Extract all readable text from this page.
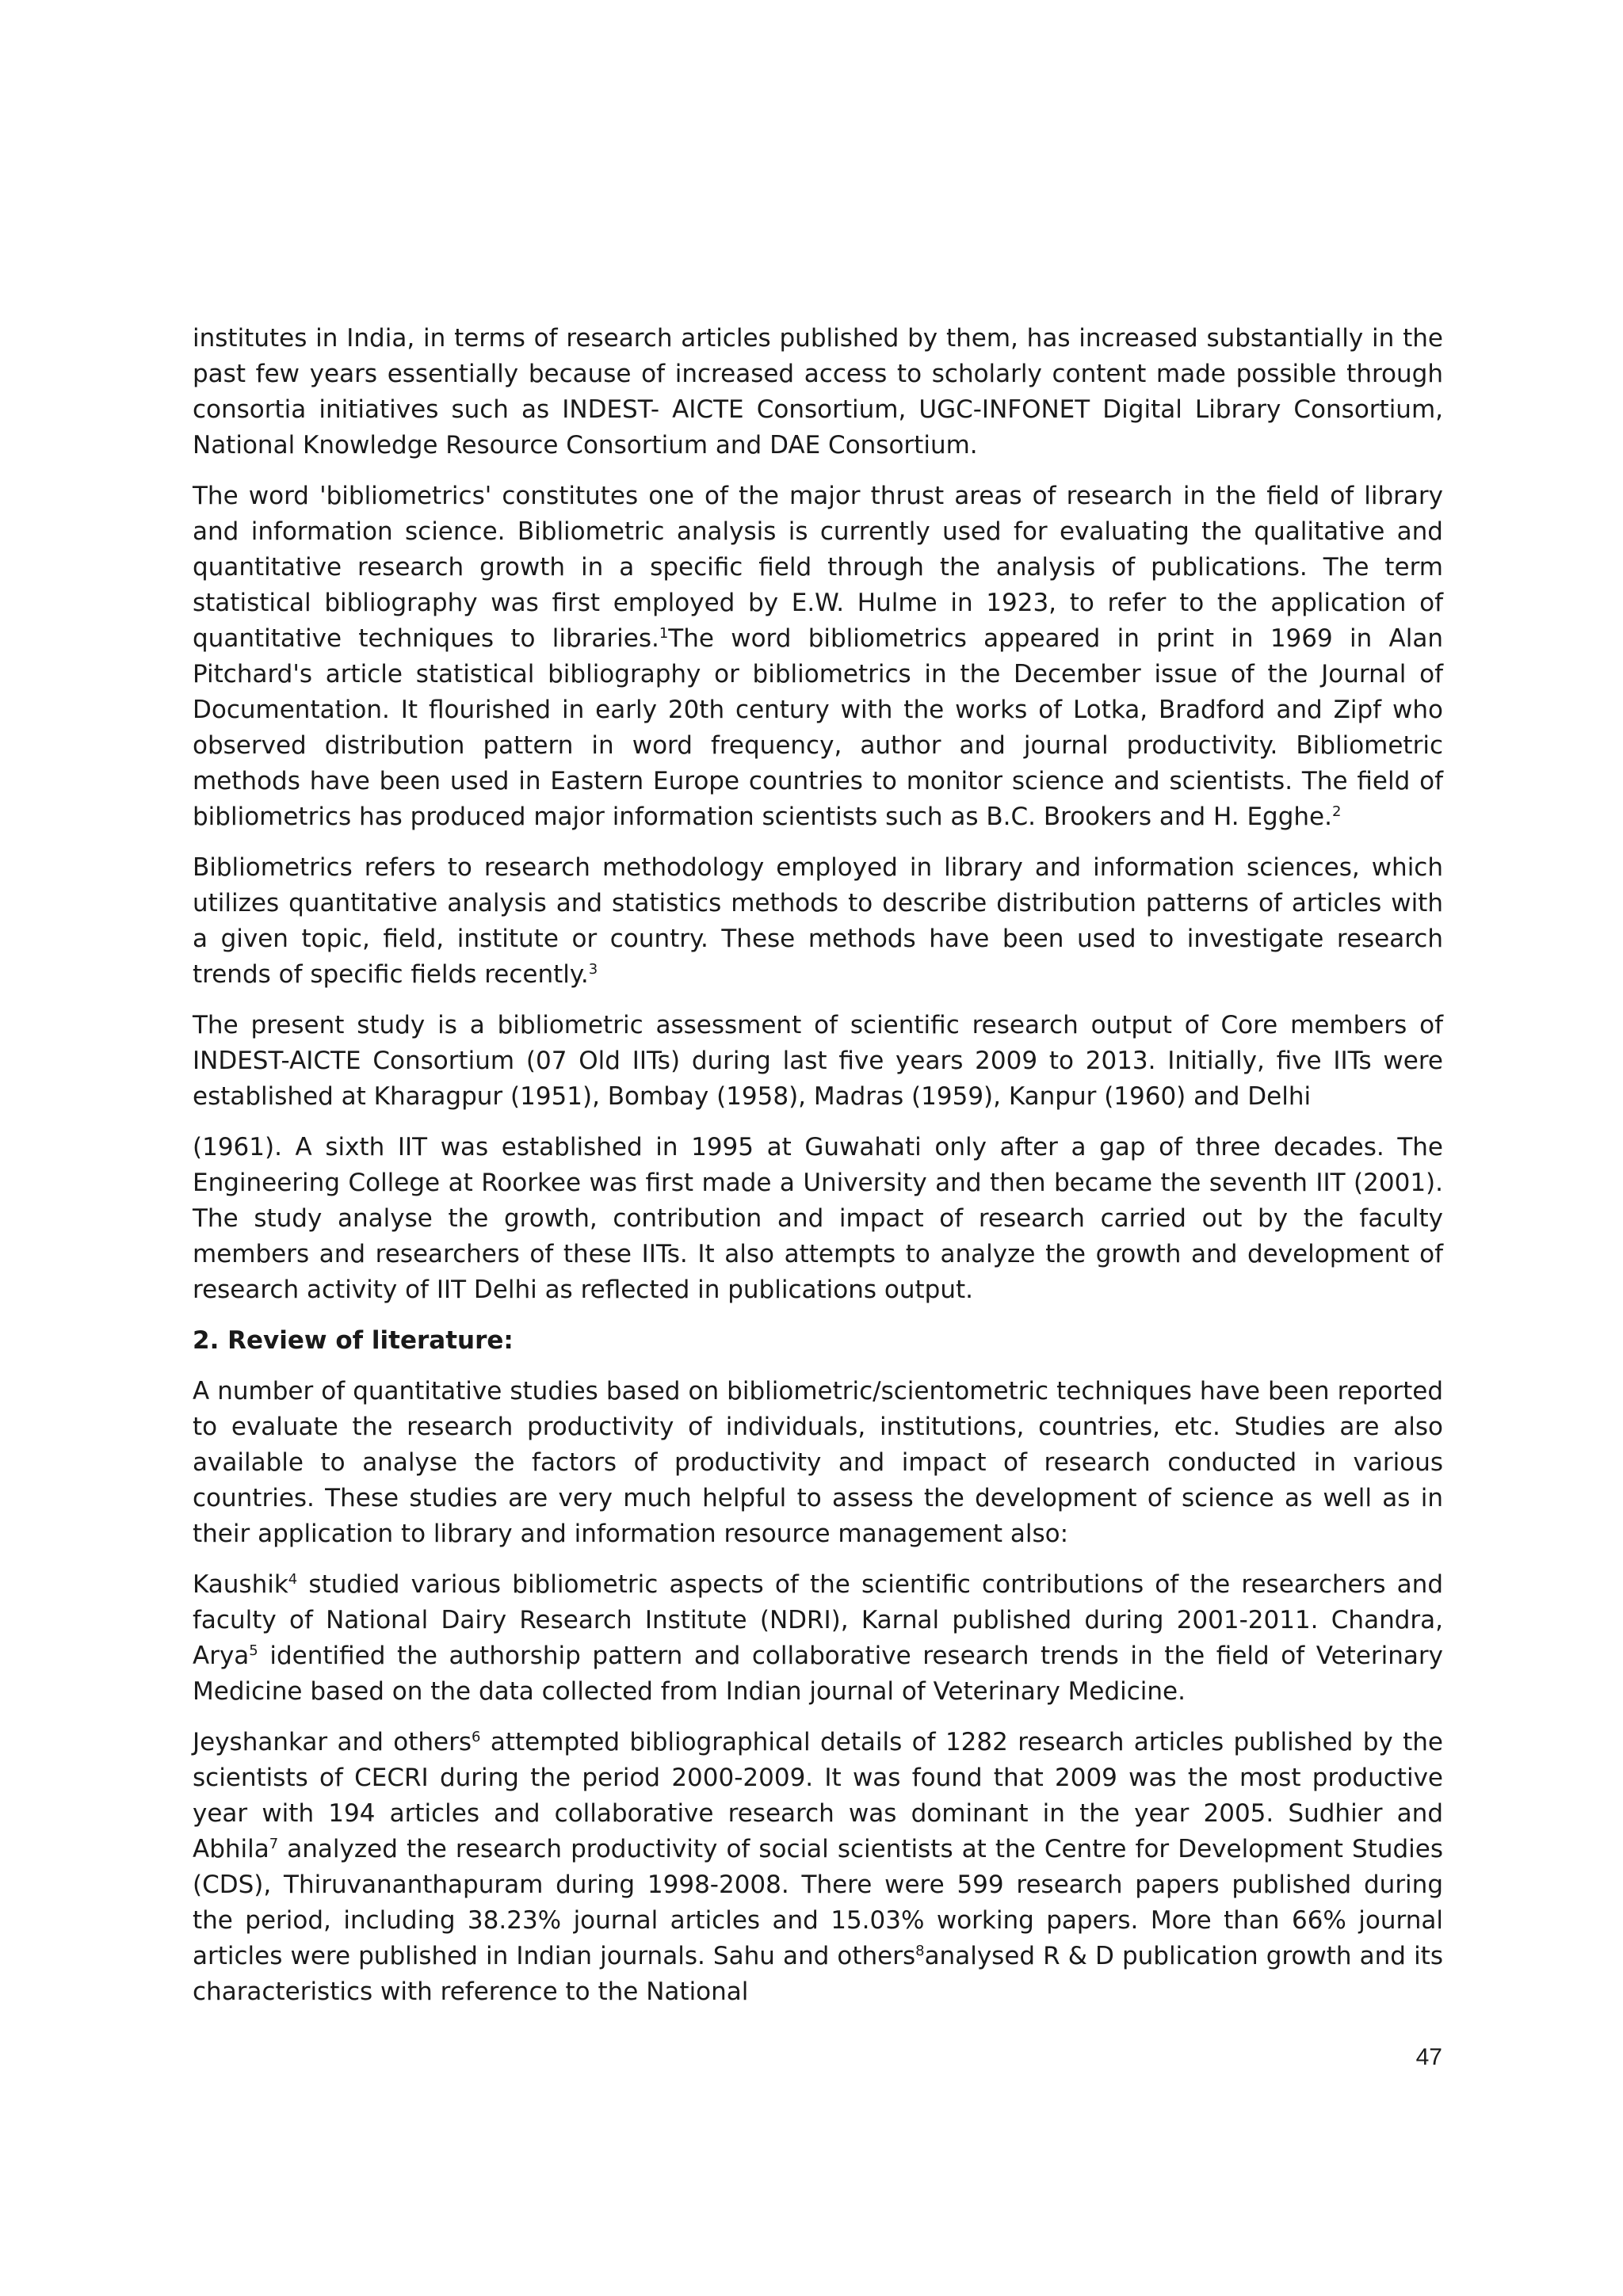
institutes in India, in terms of research articles published by them, has increased substantially in the past few years essentially because of increased access to scholarly content made possible through consortia initiatives such as INDEST- AICTE Consortium, UGC-INFONET Digital Library Consortium, National Knowledge Resource Consortium and DAE Consortium.

The word 'bibliometrics' constitutes one of the major thrust areas of research in the field of library and information science. Bibliometric analysis is currently used for evaluating the qualitative and quantitative research growth in a specific field through the analysis of publications. The term statistical bibliography was first employed by E.W. Hulme in 1923, to refer to the application of quantitative techniques to libraries.$^1$The word bibliometrics appeared in print in 1969 in Alan Pitchard's article statistical bibliography or bibliometrics in the December issue of the Journal of Documentation. It flourished in early 20th century with the works of Lotka, Bradford and Zipf who observed distribution pattern in word frequency, author and journal productivity. Bibliometric methods have been used in Eastern Europe countries to monitor science and scientists. The field of bibliometrics has produced major information scientists such as B.C. Brookers and H. Egghe.$^2$

Bibliometrics refers to research methodology employed in library and information sciences, which utilizes quantitative analysis and statistics methods to describe distribution patterns of articles with a given topic, field, institute or country. These methods have been used to investigate research trends of specific fields recently.$^3$

The present study is a bibliometric assessment of scientific research output of Core members of INDEST-AICTE Consortium (07 Old IITs) during last five years 2009 to 2013. Initially, five IITs were established at Kharagpur (1951), Bombay (1958), Madras (1959), Kanpur (1960) and Delhi

(1961). A sixth IIT was established in 1995 at Guwahati only after a gap of three decades. The Engineering College at Roorkee was first made a University and then became the seventh IIT (2001). The study analyse the growth, contribution and impact of research carried out by the faculty members and researchers of these IITs. It also attempts to analyze the growth and development of research activity of IIT Delhi as reflected in publications output.

2. Review of literature:

A number of quantitative studies based on bibliometric/scientometric techniques have been reported to evaluate the research productivity of individuals, institutions, countries, etc. Studies are also available to analyse the factors of productivity and impact of research conducted in various countries. These studies are very much helpful to assess the development of science as well as in their application to library and information resource management also:

Kaushik$^4$ studied various bibliometric aspects of the scientific contributions of the researchers and faculty of National Dairy Research Institute (NDRI), Karnal published during 2001-2011. Chandra, Arya$^5$ identified the authorship pattern and collaborative research trends in the field of Veterinary Medicine based on the data collected from Indian journal of Veterinary Medicine.

Jeyshankar and others$^6$ attempted bibliographical details of 1282 research articles published by the scientists of CECRI during the period 2000-2009. It was found that 2009 was the most productive year with 194 articles and collaborative research was dominant in the year 2005. Sudhier and Abhila$^7$ analyzed the research productivity of social scientists at the Centre for Development Studies (CDS), Thiruvananthapuram during 1998-2008. There were 599 research papers published during the period, including 38.23% journal articles and 15.03% working papers. More than 66% journal articles were published in Indian journals. Sahu and others$^8$analysed R & D publication growth and its characteristics with reference to the National

47
